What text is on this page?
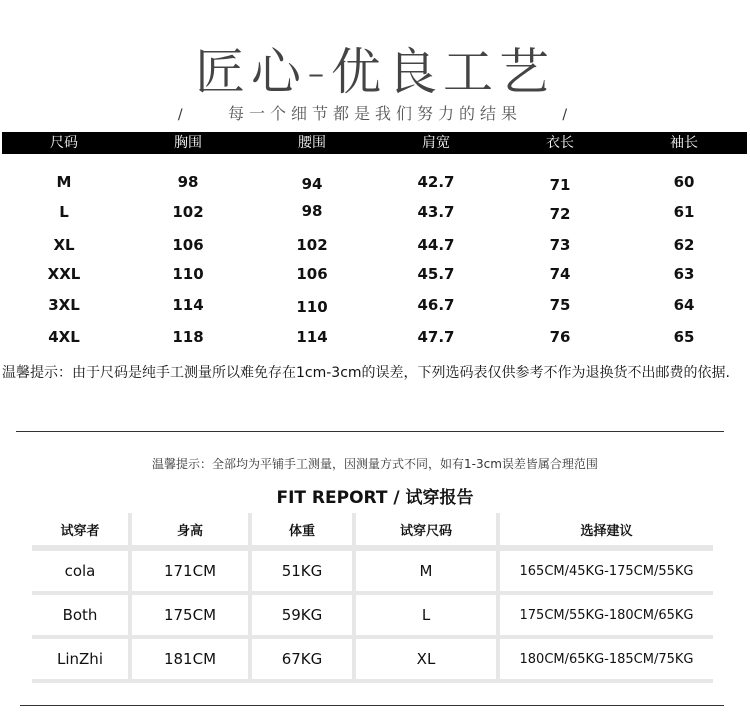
匠心-优良工艺
/	每一个细节都是我们努力的结果	/
尺码	胸围	腰围	肩宽	衣长	袖长
M	98	94	42.7	71	60
L	102	98	43.7	72	61
XL	106	102	44.7	73	62
XXL	110	106	45.7	74	63
3XL	114	110	46.7	75	64
4XL	118	114	47.7	76	65
温馨提示：由于尺码是纯手工测量所以难免存在1cm-3cm的误差，下列选码表仅供参考不作为退换货不出邮费的依据.
温馨提示：全部均为平铺手工测量，因测量方式不同，如有1-3cm误差皆属合理范围
FIT REPORT / 试穿报告
试穿者	身高	体重	试穿尺码	选择建议
cola	171CM	51KG	M	165CM/45KG-175CM/55KG
Both	175CM	59KG	L	175CM/55KG-180CM/65KG
LinZhi	181CM	67KG	XL	180CM/65KG-185CM/75KG
